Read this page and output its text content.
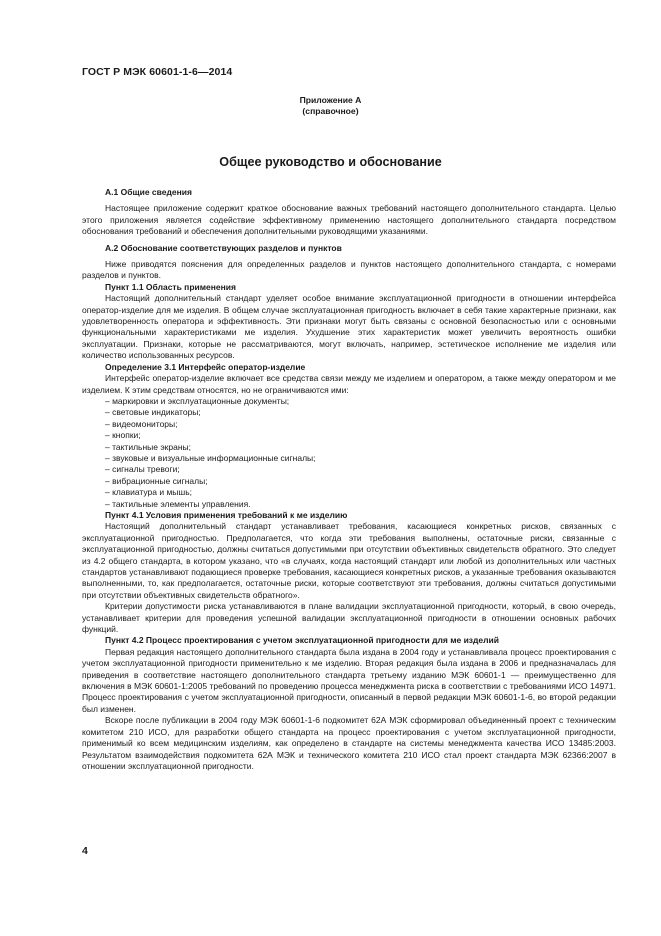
ГОСТ Р МЭК 60601-1-6—2014
Приложение А
(справочное)
Общее руководство и обоснование

А.1 Общие сведения

Настоящее приложение содержит краткое обоснование важных требований настоящего дополнительного стандарта. Целью этого приложения является содействие эффективному применению настоящего дополнительного стандарта посредством обоснования требований и обеспечения дополнительными руководящими указаниями.

А.2 Обоснование соответствующих разделов и пунктов

Ниже приводятся пояснения для определенных разделов и пунктов настоящего дополнительного стандарта, с номерами разделов и пунктов.

Пункт 1.1 Область применения

Настоящий дополнительный стандарт уделяет особое внимание эксплуатационной пригодности в отношении интерфейса оператор-изделие для ме изделия. В общем случае эксплуатационная пригодность включает в себя такие характерные признаки, как удовлетворенность оператора и эффективность. Эти признаки могут быть связаны с основной безопасностью или с основными функциональными характеристиками ме изделия. Ухудшение этих характеристик может увеличить вероятность ошибки эксплуатации. Признаки, которые не рассматриваются, могут включать, например, эстетическое исполнение ме изделия или количество использованных ресурсов.

Определение 3.1 Интерфейс оператор-изделие

Интерфейс оператор-изделие включает все средства связи между ме изделием и оператором, а также между оператором и ме изделием. К этим средствам относятся, но не ограничиваются ими:

– маркировки и эксплуатационные документы;
– световые индикаторы;
– видеомониторы;
– кнопки;
– тактильные экраны;
– звуковые и визуальные информационные сигналы;
– сигналы тревоги;
– вибрационные сигналы;
– клавиатура и мышь;
– тактильные элементы управления.

Пункт 4.1 Условия применения требований к ме изделию

Настоящий дополнительный стандарт устанавливает требования, касающиеся конкретных рисков, связанных с эксплуатационной пригодностью. Предполагается, что когда эти требования выполнены, остаточные риски, связанные с эксплуатационной пригодностью, должны считаться допустимыми при отсутствии объективных свидетельств обратного. Это следует из 4.2 общего стандарта, в котором указано, что «в случаях, когда настоящий стандарт или любой из дополнительных или частных стандартов устанавливают подающиеся проверке требования, касающиеся конкретных рисков, а указанные требования оказываются выполненными, то, как предполагается, остаточные риски, которые соответствуют эти требования, должны считаться допустимыми при отсутствии объективных свидетельств обратного».

Критерии допустимости риска устанавливаются в плане валидации эксплуатационной пригодности, который, в свою очередь, устанавливает критерии для проведения успешной валидации эксплуатационной пригодности в отношении основных рабочих функций.

Пункт 4.2 Процесс проектирования с учетом эксплуатационной пригодности для ме изделий

Первая редакция настоящего дополнительного стандарта была издана в 2004 году и устанавливала процесс проектирования с учетом эксплуатационной пригодности применительно к ме изделию. Вторая редакция была издана в 2006 и предназначалась для приведения в соответствие настоящего дополнительного стандарта третьему изданию МЭК 60601-1 — преимущественно для включения в МЭК 60601-1:2005 требований по проведению процесса менеджмента риска в соответствии с требованиями ИСО 14971. Процесс проектирования с учетом эксплуатационной пригодности, описанный в первой редакции МЭК 60601-1-6, во второй редакции был изменен.

Вскоре после публикации в 2004 году МЭК 60601-1-6 подкомитет 62А МЭК сформировал объединенный проект с техническим комитетом 210 ИСО, для разработки общего стандарта на процесс проектирования с учетом эксплуатационной пригодности, применимый ко всем медицинским изделиям, как определено в стандарте на системы менеджмента качества ИСО 13485:2003. Результатом взаимодействия подкомитета 62А МЭК и технического комитета 210 ИСО стал проект стандарта МЭК 62366:2007 в отношении эксплуатационной пригодности.

4
